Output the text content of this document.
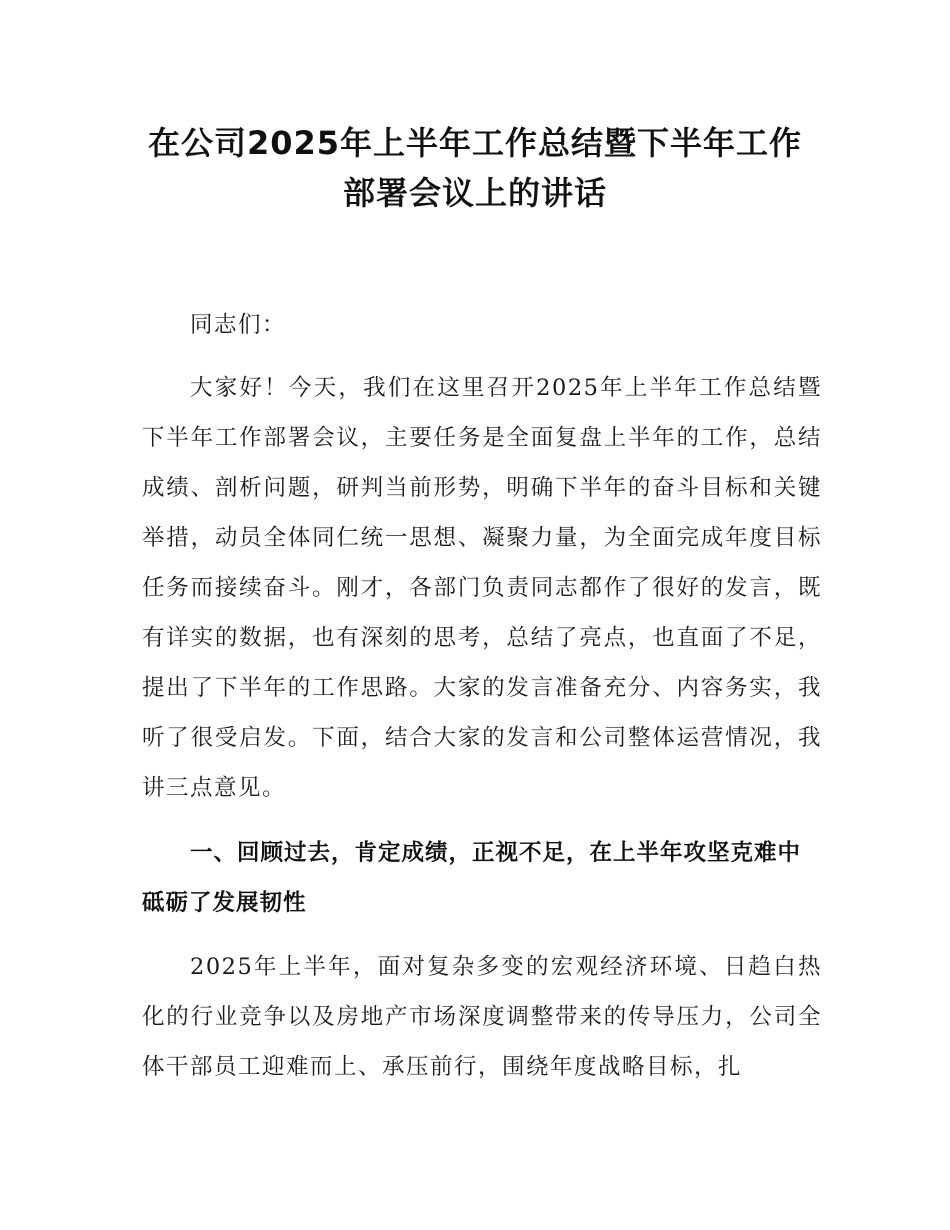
在公司2025年上半年工作总结暨下半年工作
部署会议上的讲话
同志们：
大家好！今天，我们在这里召开2025年上半年工作总结暨下半年工作部署会议，主要任务是全面复盘上半年的工作，总结成绩、剖析问题，研判当前形势，明确下半年的奋斗目标和关键举措，动员全体同仁统一思想、凝聚力量，为全面完成年度目标任务而接续奋斗。刚才，各部门负责同志都作了很好的发言，既有详实的数据，也有深刻的思考，总结了亮点，也直面了不足，提出了下半年的工作思路。大家的发言准备充分、内容务实，我听了很受启发。下面，结合大家的发言和公司整体运营情况，我讲三点意见。
一、回顾过去，肯定成绩，正视不足，在上半年攻坚克难中砥砺了发展韧性
2025年上半年，面对复杂多变的宏观经济环境、日趋白热化的行业竞争以及房地产市场深度调整带来的传导压力，公司全体干部员工迎难而上、承压前行，围绕年度战略目标，扎
